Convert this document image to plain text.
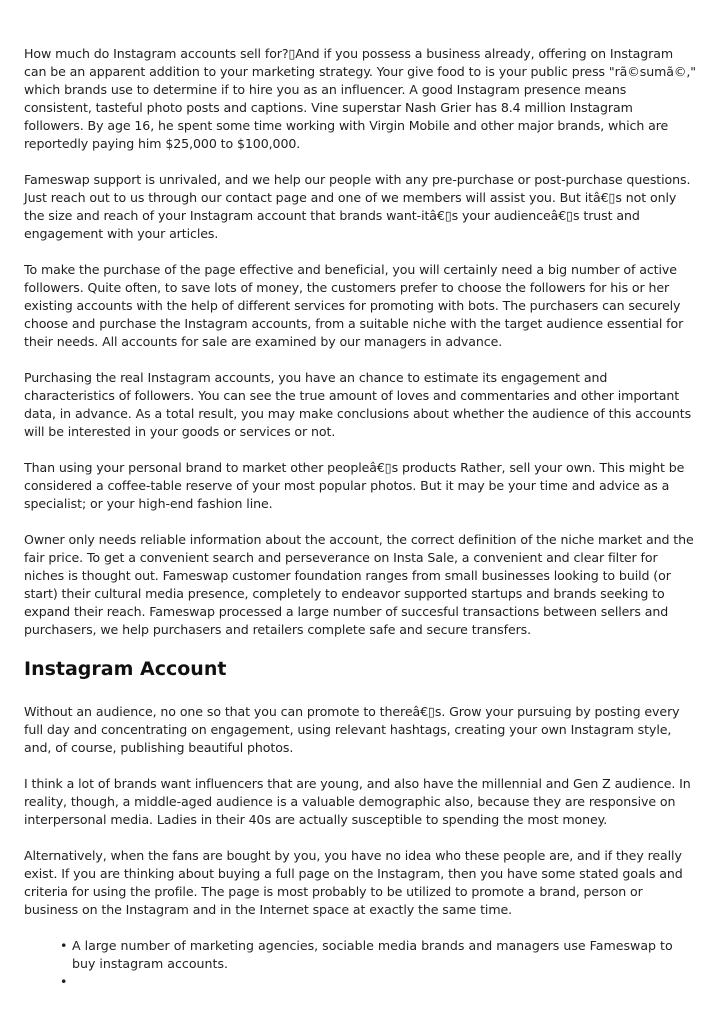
How much do Instagram accounts sell for?▯And if you possess a business already, offering on Instagram can be an apparent addition to your marketing strategy. Your give food to is your public press "rã©sumã©," which brands use to determine if to hire you as an influencer. A good Instagram presence means consistent, tasteful photo posts and captions. Vine superstar Nash Grier has 8.4 million Instagram followers. By age 16, he spent some time working with Virgin Mobile and other major brands, which are reportedly paying him $25,000 to $100,000.

Fameswap support is unrivaled, and we help our people with any pre-purchase or post-purchase questions. Just reach out to us through our contact page and one of we members will assist you. But itâ€▯s not only the size and reach of your Instagram account that brands want-itâ€▯s your audienceâ€▯s trust and engagement with your articles.

To make the purchase of the page effective and beneficial, you will certainly need a big number of active followers. Quite often, to save lots of money, the customers prefer to choose the followers for his or her existing accounts with the help of different services for promoting with bots. The purchasers can securely choose and purchase the Instagram accounts, from a suitable niche with the target audience essential for their needs. All accounts for sale are examined by our managers in advance.

Purchasing the real Instagram accounts, you have an chance to estimate its engagement and characteristics of followers. You can see the true amount of loves and commentaries and other important data, in advance. As a total result, you may make conclusions about whether the audience of this accounts will be interested in your goods or services or not.

Than using your personal brand to market other peopleâ€▯s products Rather, sell your own. This might be considered a coffee-table reserve of your most popular photos. But it may be your time and advice as a specialist; or your high-end fashion line.

Owner only needs reliable information about the account, the correct definition of the niche market and the fair price. To get a convenient search and perseverance on Insta Sale, a convenient and clear filter for niches is thought out. Fameswap customer foundation ranges from small businesses looking to build (or start) their cultural media presence, completely to endeavor supported startups and brands seeking to expand their reach. Fameswap processed a large number of succesful transactions between sellers and purchasers, we help purchasers and retailers complete safe and secure transfers.

Instagram Account

Without an audience, no one so that you can promote to thereâ€▯s. Grow your pursuing by posting every full day and concentrating on engagement, using relevant hashtags, creating your own Instagram style, and, of course, publishing beautiful photos.

I think a lot of brands want influencers that are young, and also have the millennial and Gen Z audience. In reality, though, a middle-aged audience is a valuable demographic also, because they are responsive on interpersonal media. Ladies in their 40s are actually susceptible to spending the most money.

Alternatively, when the fans are bought by you, you have no idea who these people are, and if they really exist. If you are thinking about buying a full page on the Instagram, then you have some stated goals and criteria for using the profile. The page is most probably to be utilized to promote a brand, person or business on the Instagram and in the Internet space at exactly the same time.

• A large number of marketing agencies, sociable media brands and managers use Fameswap to buy instagram accounts.
•
